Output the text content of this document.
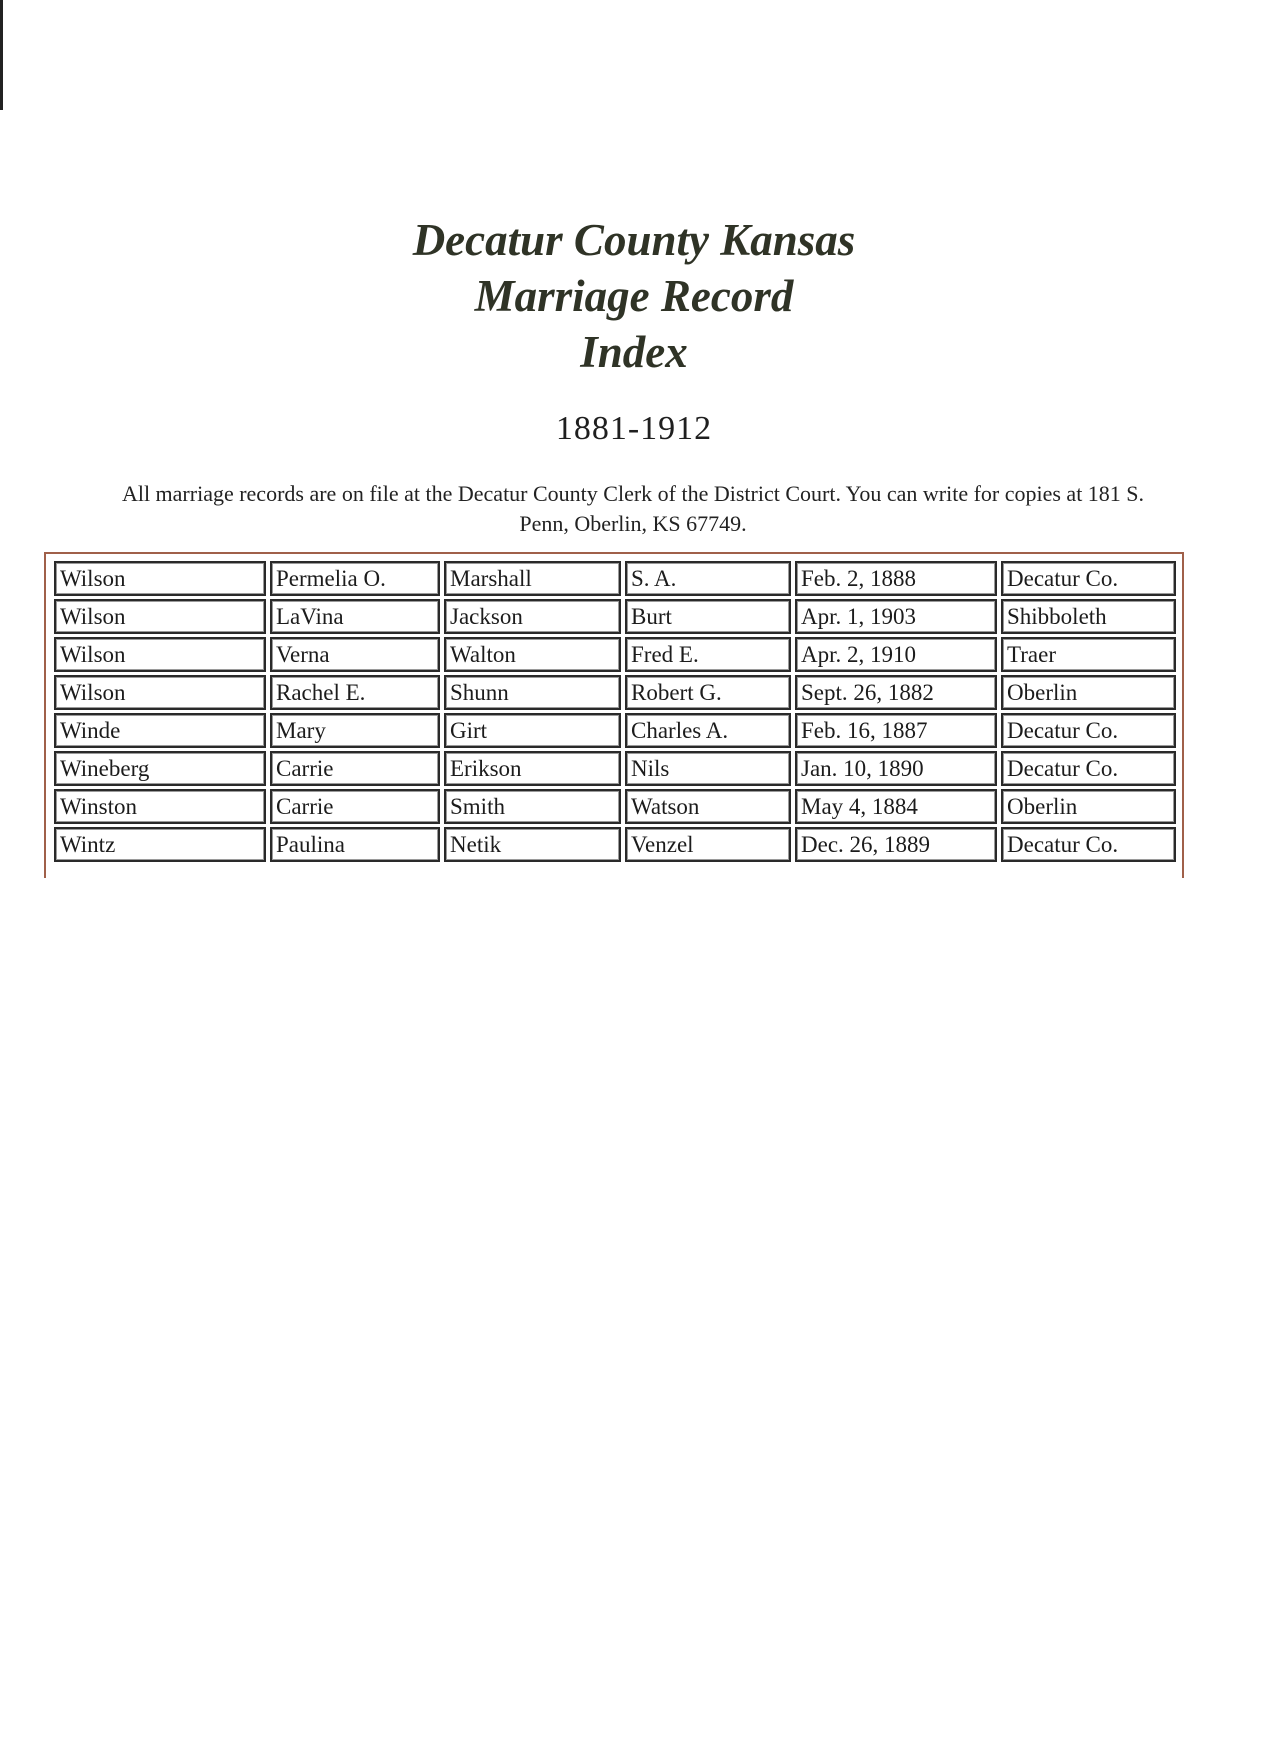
Decatur County Kansas
Marriage Record
Index
1881-1912
All marriage records are on file at the Decatur County Clerk of the District Court. You can write for copies at 181 S. Penn, Oberlin, KS 67749.
Wilson	Permelia O.	Marshall	S. A.	Feb. 2, 1888	Decatur Co.
Wilson	LaVina	Jackson	Burt	Apr. 1, 1903	Shibboleth
Wilson	Verna	Walton	Fred E.	Apr. 2, 1910	Traer
Wilson	Rachel E.	Shunn	Robert G.	Sept. 26, 1882	Oberlin
Winde	Mary	Girt	Charles A.	Feb. 16, 1887	Decatur Co.
Wineberg	Carrie	Erikson	Nils	Jan. 10, 1890	Decatur Co.
Winston	Carrie	Smith	Watson	May 4, 1884	Oberlin
Wintz	Paulina	Netik	Venzel	Dec. 26, 1889	Decatur Co.
